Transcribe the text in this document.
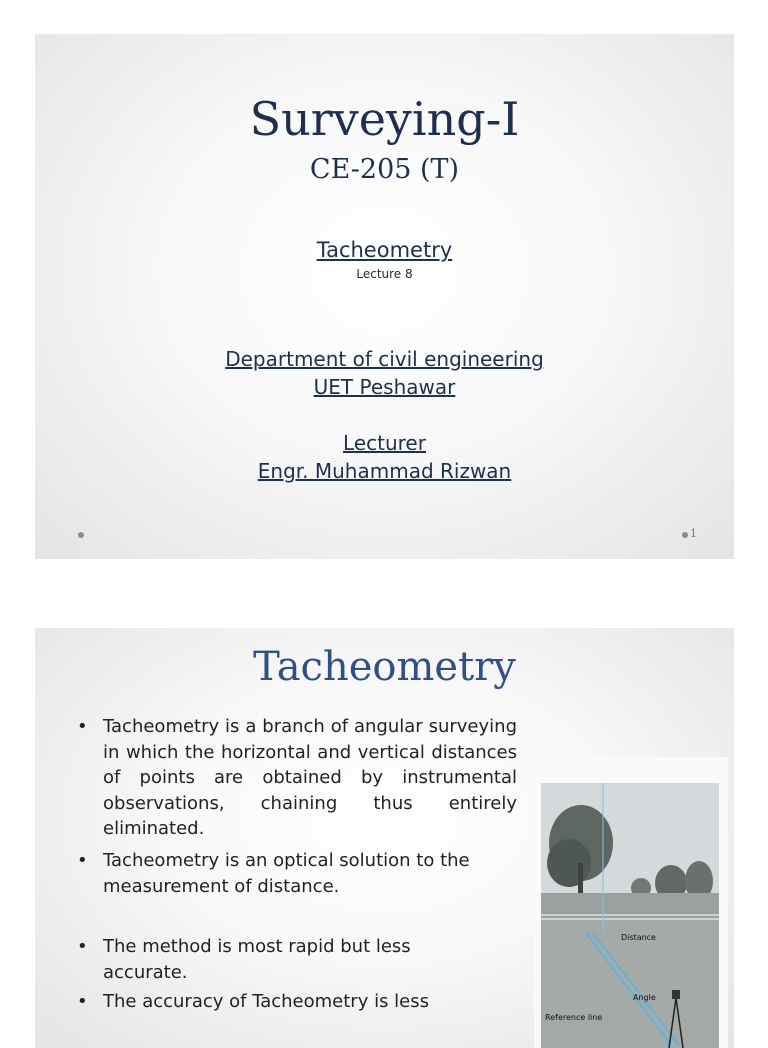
Surveying-I
CE-205 (T)
Tacheometry
Lecture 8
Department of civil engineering
UET Peshawar
Lecturer
Engr. Muhammad Rizwan
1
Tacheometry
• Tacheometry is a branch of angular surveying in which the horizontal and vertical distances of points are obtained by instrumental observations, chaining thus entirely eliminated.
• Tacheometry is an optical solution to the measurement of distance.
• The method is most rapid but less accurate.
• The accuracy of Tacheometry is less
Distance
Angle
Reference line
